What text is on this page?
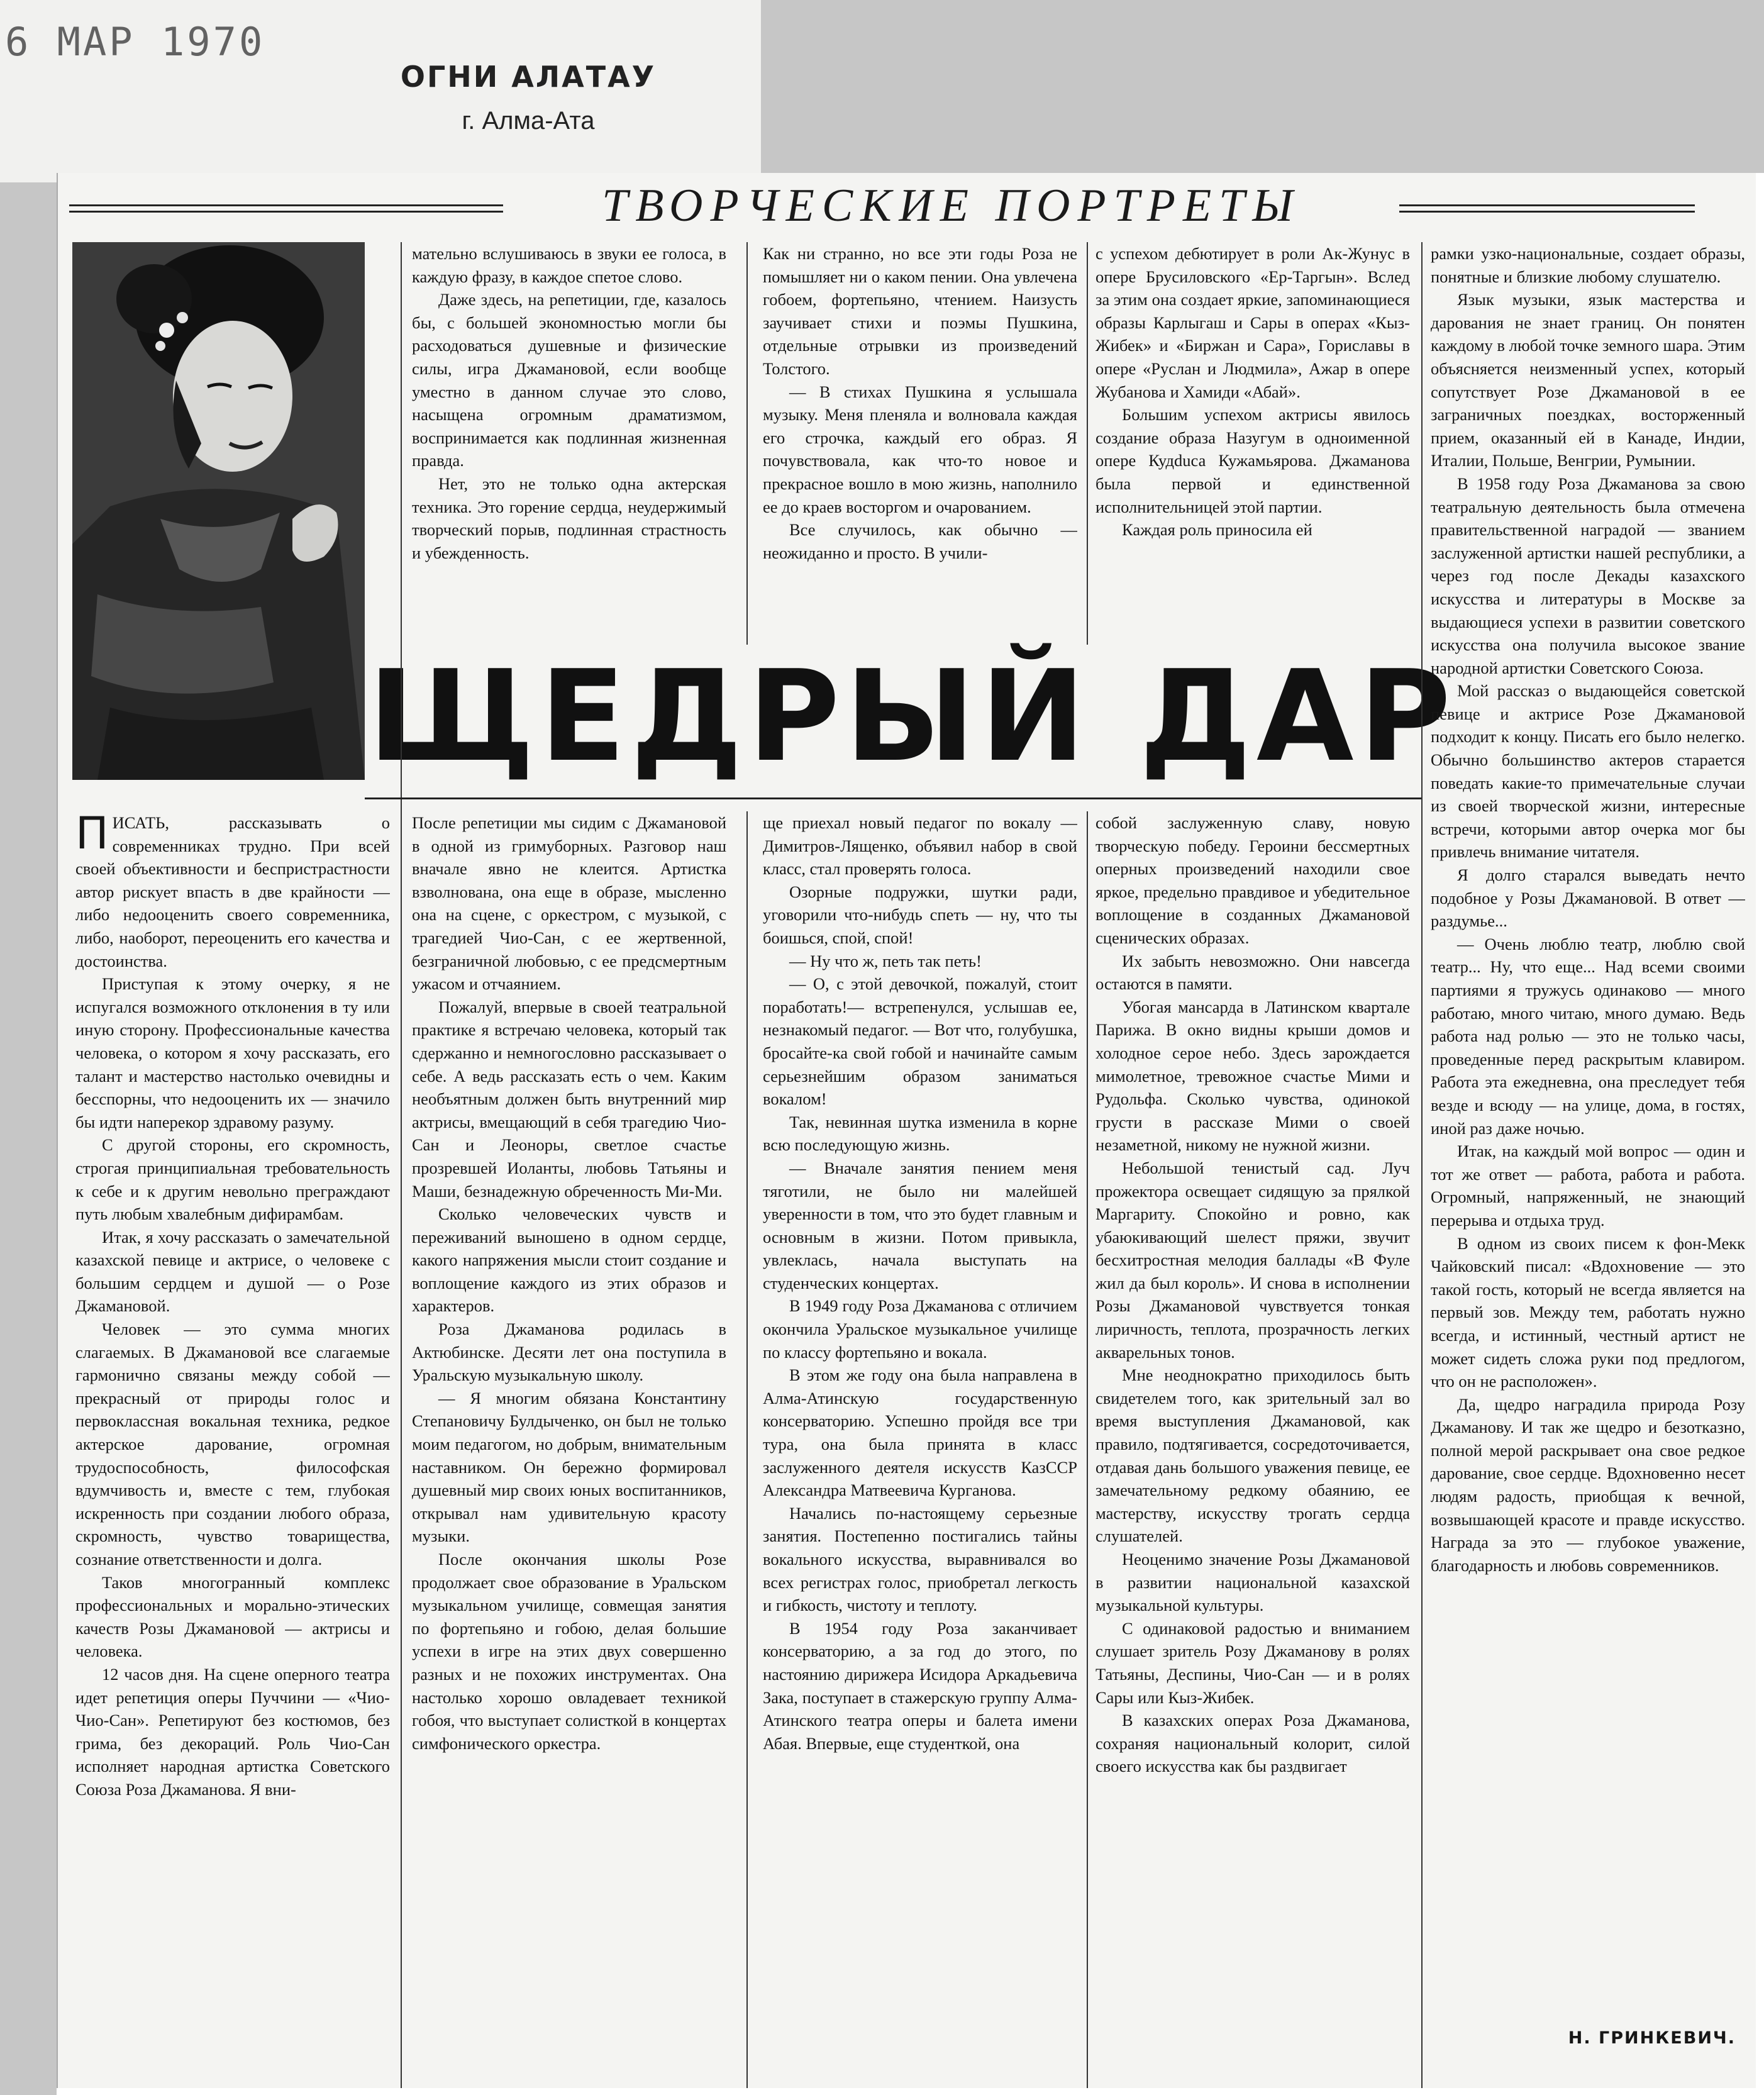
6 МАР 1970
ОГНИ АЛАТАУ
г. Алма-Ата
ТВОРЧЕСКИЕ ПОРТРЕТЫ
ЩЕДРЫЙ ДАР

мательно вслушиваюсь в звуки ее голоса, в каждую фразу, в каждое спетое слово.

Даже здесь, на репетиции, где, казалось бы, с большей экономностью могли бы расходоваться душевные и физические силы, игра Джамановой, если вообще уместно в данном случае это слово, насыщена огромным драматизмом, воспринимается как подлинная жизненная правда.

Нет, это не только одна актерская техника. Это горение сердца, неудержимый творческий порыв, подлинная страстность и убежденность.

Как ни странно, но все эти годы Роза не помышляет ни о каком пении. Она увлечена гобоем, фортепьяно, чтением. Наизусть заучивает стихи и поэмы Пушкина, отдельные отрывки из произведений Толстого.

— В стихах Пушкина я услышала музыку. Меня пленяла и волновала каждая его строчка, каждый его образ. Я почувствовала, как что-то новое и прекрасное вошло в мою жизнь, наполнило ее до краев восторгом и очарованием.

Все случилось, как обычно — неожиданно и просто. В учили-

с успехом дебютирует в роли Ак-Жунус в опере Брусиловского «Ер-Таргын». Вслед за этим она создает яркие, запоминающиеся образы Карлыгаш и Сары в операх «Кыз-Жибек» и «Биржан и Сара», Гориславы в опере «Руслан и Людмила», Ажар в опере Жубанова и Хамиди «Абай».

Большим успехом актрисы явилось создание образа Назугум в одноименной опере Кудduса Кужамьярова. Джаманова была первой и единственной исполнительницей этой партии.

Каждая роль приносила ей

рамки узко-национальные, создает образы, понятные и близкие любому слушателю.

Язык музыки, язык мастерства и дарования не знает границ. Он понятен каждому в любой точке земного шара. Этим объясняется неизменный успех, который сопутствует Розе Джамановой в ее заграничных поездках, восторженный прием, оказанный ей в Канаде, Индии, Италии, Польше, Венгрии, Румынии.

В 1958 году Роза Джаманова за свою театральную деятельность была отмечена правительственной наградой — званием заслуженной артистки нашей республики, а через год после Декады казахского искусства и литературы в Москве за выдающиеся успехи в развитии советского искусства она получила высокое звание народной артистки Советского Союза.

Мой рассказ о выдающейся советской певице и актрисе Розе Джамановой подходит к концу. Писать его было нелегко. Обычно большинство актеров старается поведать какие-то примечательные случаи из своей творческой жизни, интересные встречи, которыми автор очерка мог бы привлечь внимание читателя.

Я долго старался выведать нечто подобное у Розы Джамановой. В ответ — раздумье...

— Очень люблю театр, люблю свой театр... Ну, что еще... Над всеми своими партиями я тружусь одинаково — много работаю, много читаю, много думаю. Ведь работа над ролью — это не только часы, проведенные перед раскрытым клавиром. Работа эта ежедневна, она преследует тебя везде и всюду — на улице, дома, в гостях, иной раз даже ночью.

Итак, на каждый мой вопрос — один и тот же ответ — работа, работа и работа. Огромный, напряженный, не знающий перерыва и отдыха труд.

В одном из своих писем к фон-Мекк Чайковский писал: «Вдохновение — это такой гость, который не всегда является на первый зов. Между тем, работать нужно всегда, и истинный, честный артист не может сидеть сложа руки под предлогом, что он не расположен».

Да, щедро наградила природа Розу Джаманову. И так же щедро и безотказно, полной мерой раскрывает она свое редкое дарование, свое сердце. Вдохновенно несет людям радость, приобщая к вечной, возвышающей красоте и правде искусство. Наградa за это — глубокое уважение, благодарность и любовь современников.

ПИСАТЬ, рассказывать о современниках трудно. При всей своей объективности и беспристрастности автор рискует впасть в две крайности — либо недооценить своего современника, либо, наоборот, переоценить его качества и достоинства.

Приступая к этому очерку, я не испугался возможного отклонения в ту или иную сторону. Профессиональные качества человека, о котором я хочу рассказать, его талант и мастерство настолько очевидны и бесспорны, что недооценить их — значило бы идти наперекор здравому разуму.

С другой стороны, его скромность, строгая принципиальная требовательность к себе и к другим невольно преграждают путь любым хвалебным дифирамбам.

Итак, я хочу рассказать о замечательной казахской певице и актрисе, о человеке с большим сердцем и душой — о Розе Джамановой.

Человек — это сумма многих слагаемых. В Джамановой все слагаемые гармонично связаны между собой — прекрасный от природы голос и первоклассная вокальная техника, редкое актерское дарование, огромная трудоспособность, философская вдумчивость и, вместе с тем, глубокая искренность при создании любого образа, скромность, чувство товарищества, сознание ответственности и долга.

Таков многогранный комплекс профессиональных и морально-этических качеств Розы Джамановой — актрисы и человека.

12 часов дня. На сцене оперного театра идет репетиция оперы Пуччини — «Чио-Чио-Сан». Репетируют без костюмов, без грима, без декораций. Роль Чио-Сан исполняет народная артистка Советского Союза Роза Джаманова. Я вни-

После репетиции мы сидим с Джамановой в одной из гримуборных. Разговор наш вначале явно не клеится. Артистка взволнована, она еще в образе, мысленно она на сцене, с оркестром, с музыкой, с трагедией Чио-Сан, с ее жертвенной, безграничной любовью, с ее предсмертным ужасом и отчаянием.

Пожалуй, впервые в своей театральной практике я встречаю человека, который так сдержанно и немногословно рассказывает о себе. А ведь рассказать есть о чем. Каким необъятным должен быть внутренний мир актрисы, вмещающий в себя трагедию Чио-Сан и Леоноры, светлое счастье прозревшей Иоланты, любовь Татьяны и Маши, безнадежную обреченность Ми-Ми.

Сколько человеческих чувств и переживаний выношено в одном сердце, какого напряжения мысли стоит создание и воплощение каждого из этих образов и характеров.

Роза Джаманова родилась в Актюбинске. Десяти лет она поступила в Уральскую музыкальную школу.

— Я многим обязана Константину Степановичу Булдыченко, он был не только моим педагогом, но добрым, внимательным наставником. Он бережно формировал душевный мир своих юных воспитанников, открывал нам удивительную красоту музыки.

После окончания школы Розе продолжает свое образование в Уральском музыкальном училище, совмещая занятия по фортепьяно и гобою, делая большие успехи в игре на этих двух совершенно разных и не похожих инструментах. Она настолько хорошо овладевает техникой гобоя, что выступает солисткой в концертах симфонического оркестра.

ще приехал новый педагог по вокалу — Димитров-Лященко, объявил набор в свой класс, стал проверять голоса.

Озорные подружки, шутки ради, уговорили что-нибудь спеть — ну, что ты боишься, спой, спой!

— Ну что ж, петь так петь!

— О, с этой девочкой, пожалуй, стоит поработать!— встрепенулся, услышав ее, незнакомый педагог. — Вот что, голубушка, бросайте-ка свой гобой и начинайте самым серьезнейшим образом заниматься вокалом!

Так, невинная шутка изменила в корне всю последующую жизнь.

— Вначале занятия пением меня тяготили, не было ни малейшей уверенности в том, что это будет главным и основным в жизни. Потом привыкла, увлеклась, начала выступать на студенческих концертах.

В 1949 году Роза Джаманова с отличием окончила Уральское музыкальное училище по классу фортепьяно и вокала.

В этом же году она была направлена в Алма-Атинскую государственную консерваторию. Успешно пройдя все три тура, она была принята в класс заслуженного деятеля искусств КазССР Александра Матвеевича Курганова.

Начались по-настоящему серьезные занятия. Постепенно постигались тайны вокального искусства, выравнивался во всех регистрах голос, приобретал легкость и гибкость, чистоту и теплоту.

В 1954 году Роза заканчивает консерваторию, а за год до этого, по настоянию дирижера Исидора Аркадьевича Зака, поступает в стажерскую группу Алма-Атинского театра оперы и балета имени Абая. Впервые, еще студенткой, она

собой заслуженную славу, новую творческую победу. Героини бессмертных оперных произведений находили свое яркое, предельно правдивое и убедительное воплощение в созданных Джамановой сценических образах.

Их забыть невозможно. Они навсегда остаются в памяти.

Убогая мансарда в Латинском квартале Парижа. В окно видны крыши домов и холодное серое небо. Здесь зарождается мимолетное, тревожное счастье Мими и Рудольфа. Сколько чувства, одинокой грусти в рассказе Мими о своей незаметной, никому не нужной жизни.

Небольшой тенистый сад. Луч прожектора освещает сидящую за прялкой Маргариту. Спокойно и ровно, как убаюкивающий шелест пряжи, звучит бесхитростная мелодия баллады «В Фуле жил да был король». И снова в исполнении Розы Джамановой чувствуется тонкая лиричность, теплота, прозрачность легких акварельных тонов.

Мне неоднократно приходилось быть свидетелем того, как зрительный зал во время выступления Джамановой, как правило, подтягивается, сосредоточивается, отдавая дань большого уважения певице, ее замечательному редкому обаянию, ее мастерству, искусству трогать сердца слушателей.

Неоценимо значение Розы Джамановой в развитии национальной казахской музыкальной культуры.

С одинаковой радостью и вниманием слушает зритель Розу Джаманову в ролях Татьяны, Деспины, Чио-Сан — и в ролях Сары или Кыз-Жибек.

В казахских операх Роза Джаманова, сохраняя национальный колорит, силой своего искусства как бы раздвигает

Н. ГРИНКЕВИЧ.
